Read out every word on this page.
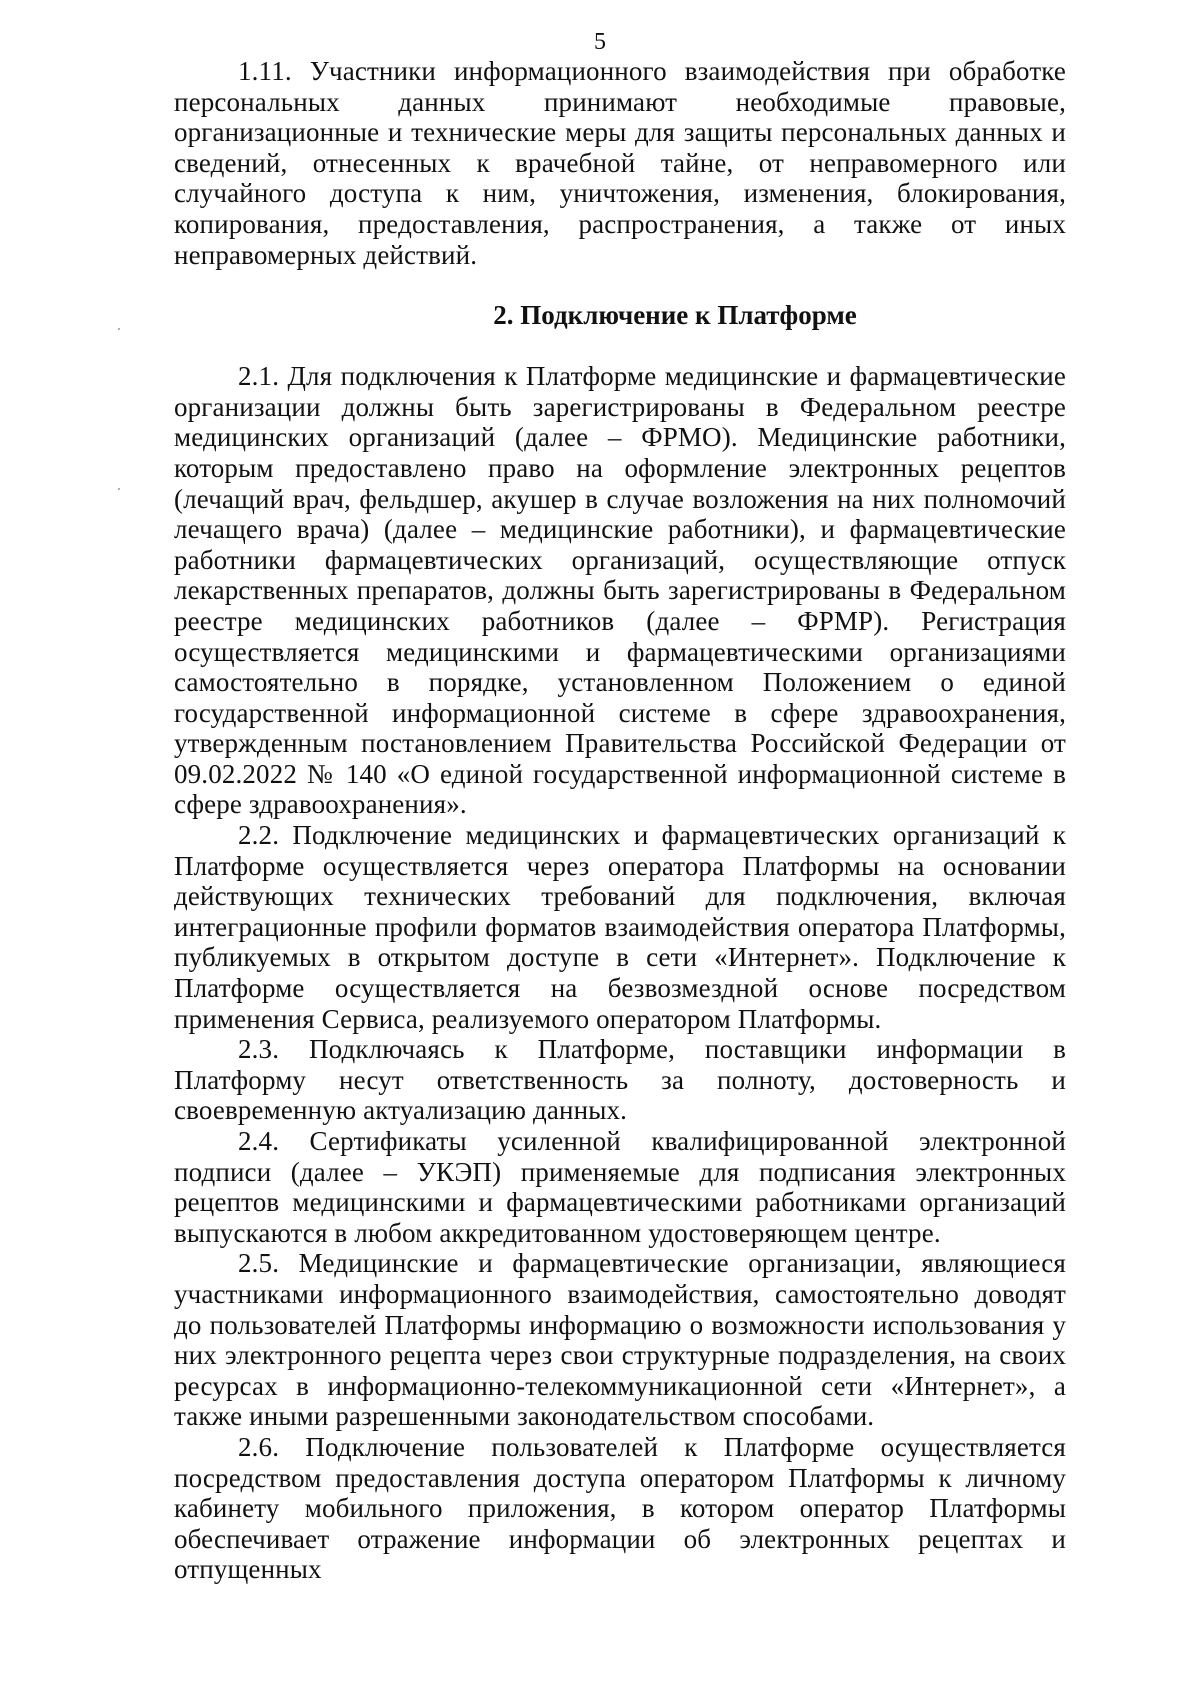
5

1.11. Участники информационного взаимодействия при обработке персональных данных принимают необходимые правовые, организационные и технические меры для защиты персональных данных и сведений, отнесенных к врачебной тайне, от неправомерного или случайного доступа к ним, уничтожения, изменения, блокирования, копирования, предоставления, распространения, а также от иных неправомерных действий.

2. Подключение к Платформе

2.1. Для подключения к Платформе медицинские и фармацевтические организации должны быть зарегистрированы в Федеральном реестре медицинских организаций (далее – ФРМО). Медицинские работники, которым предоставлено право на оформление электронных рецептов (лечащий врач, фельдшер, акушер в случае возложения на них полномочий лечащего врача) (далее – медицинские работники), и фармацевтические работники фармацевтических организаций, осуществляющие отпуск лекарственных препаратов, должны быть зарегистрированы в Федеральном реестре медицинских работников (далее – ФРМР). Регистрация осуществляется медицинскими и фармацевтическими организациями самостоятельно в порядке, установленном Положением о единой государственной информационной системе в сфере здравоохранения, утвержденным постановлением Правительства Российской Федерации от 09.02.2022 № 140 «О единой государственной информационной системе в сфере здравоохранения».

2.2. Подключение медицинских и фармацевтических организаций к Платформе осуществляется через оператора Платформы на основании действующих технических требований для подключения, включая интеграционные профили форматов взаимодействия оператора Платформы, публикуемых в открытом доступе в сети «Интернет». Подключение к Платформе осуществляется на безвозмездной основе посредством применения Сервиса, реализуемого оператором Платформы.

2.3. Подключаясь к Платформе, поставщики информации в Платформу несут ответственность за полноту, достоверность и своевременную актуализацию данных.

2.4. Сертификаты усиленной квалифицированной электронной подписи (далее – УКЭП) применяемые для подписания электронных рецептов медицинскими и фармацевтическими работниками организаций выпускаются в любом аккредитованном удостоверяющем центре.

2.5. Медицинские и фармацевтические организации, являющиеся участниками информационного взаимодействия, самостоятельно доводят до пользователей Платформы информацию о возможности использования у них электронного рецепта через свои структурные подразделения, на своих ресурсах в информационно-телекоммуникационной сети «Интернет», а также иными разрешенными законодательством способами.

2.6. Подключение пользователей к Платформе осуществляется посредством предоставления доступа оператором Платформы к личному кабинету мобильного приложения, в котором оператор Платформы обеспечивает отражение информации об электронных рецептах и отпущенных
